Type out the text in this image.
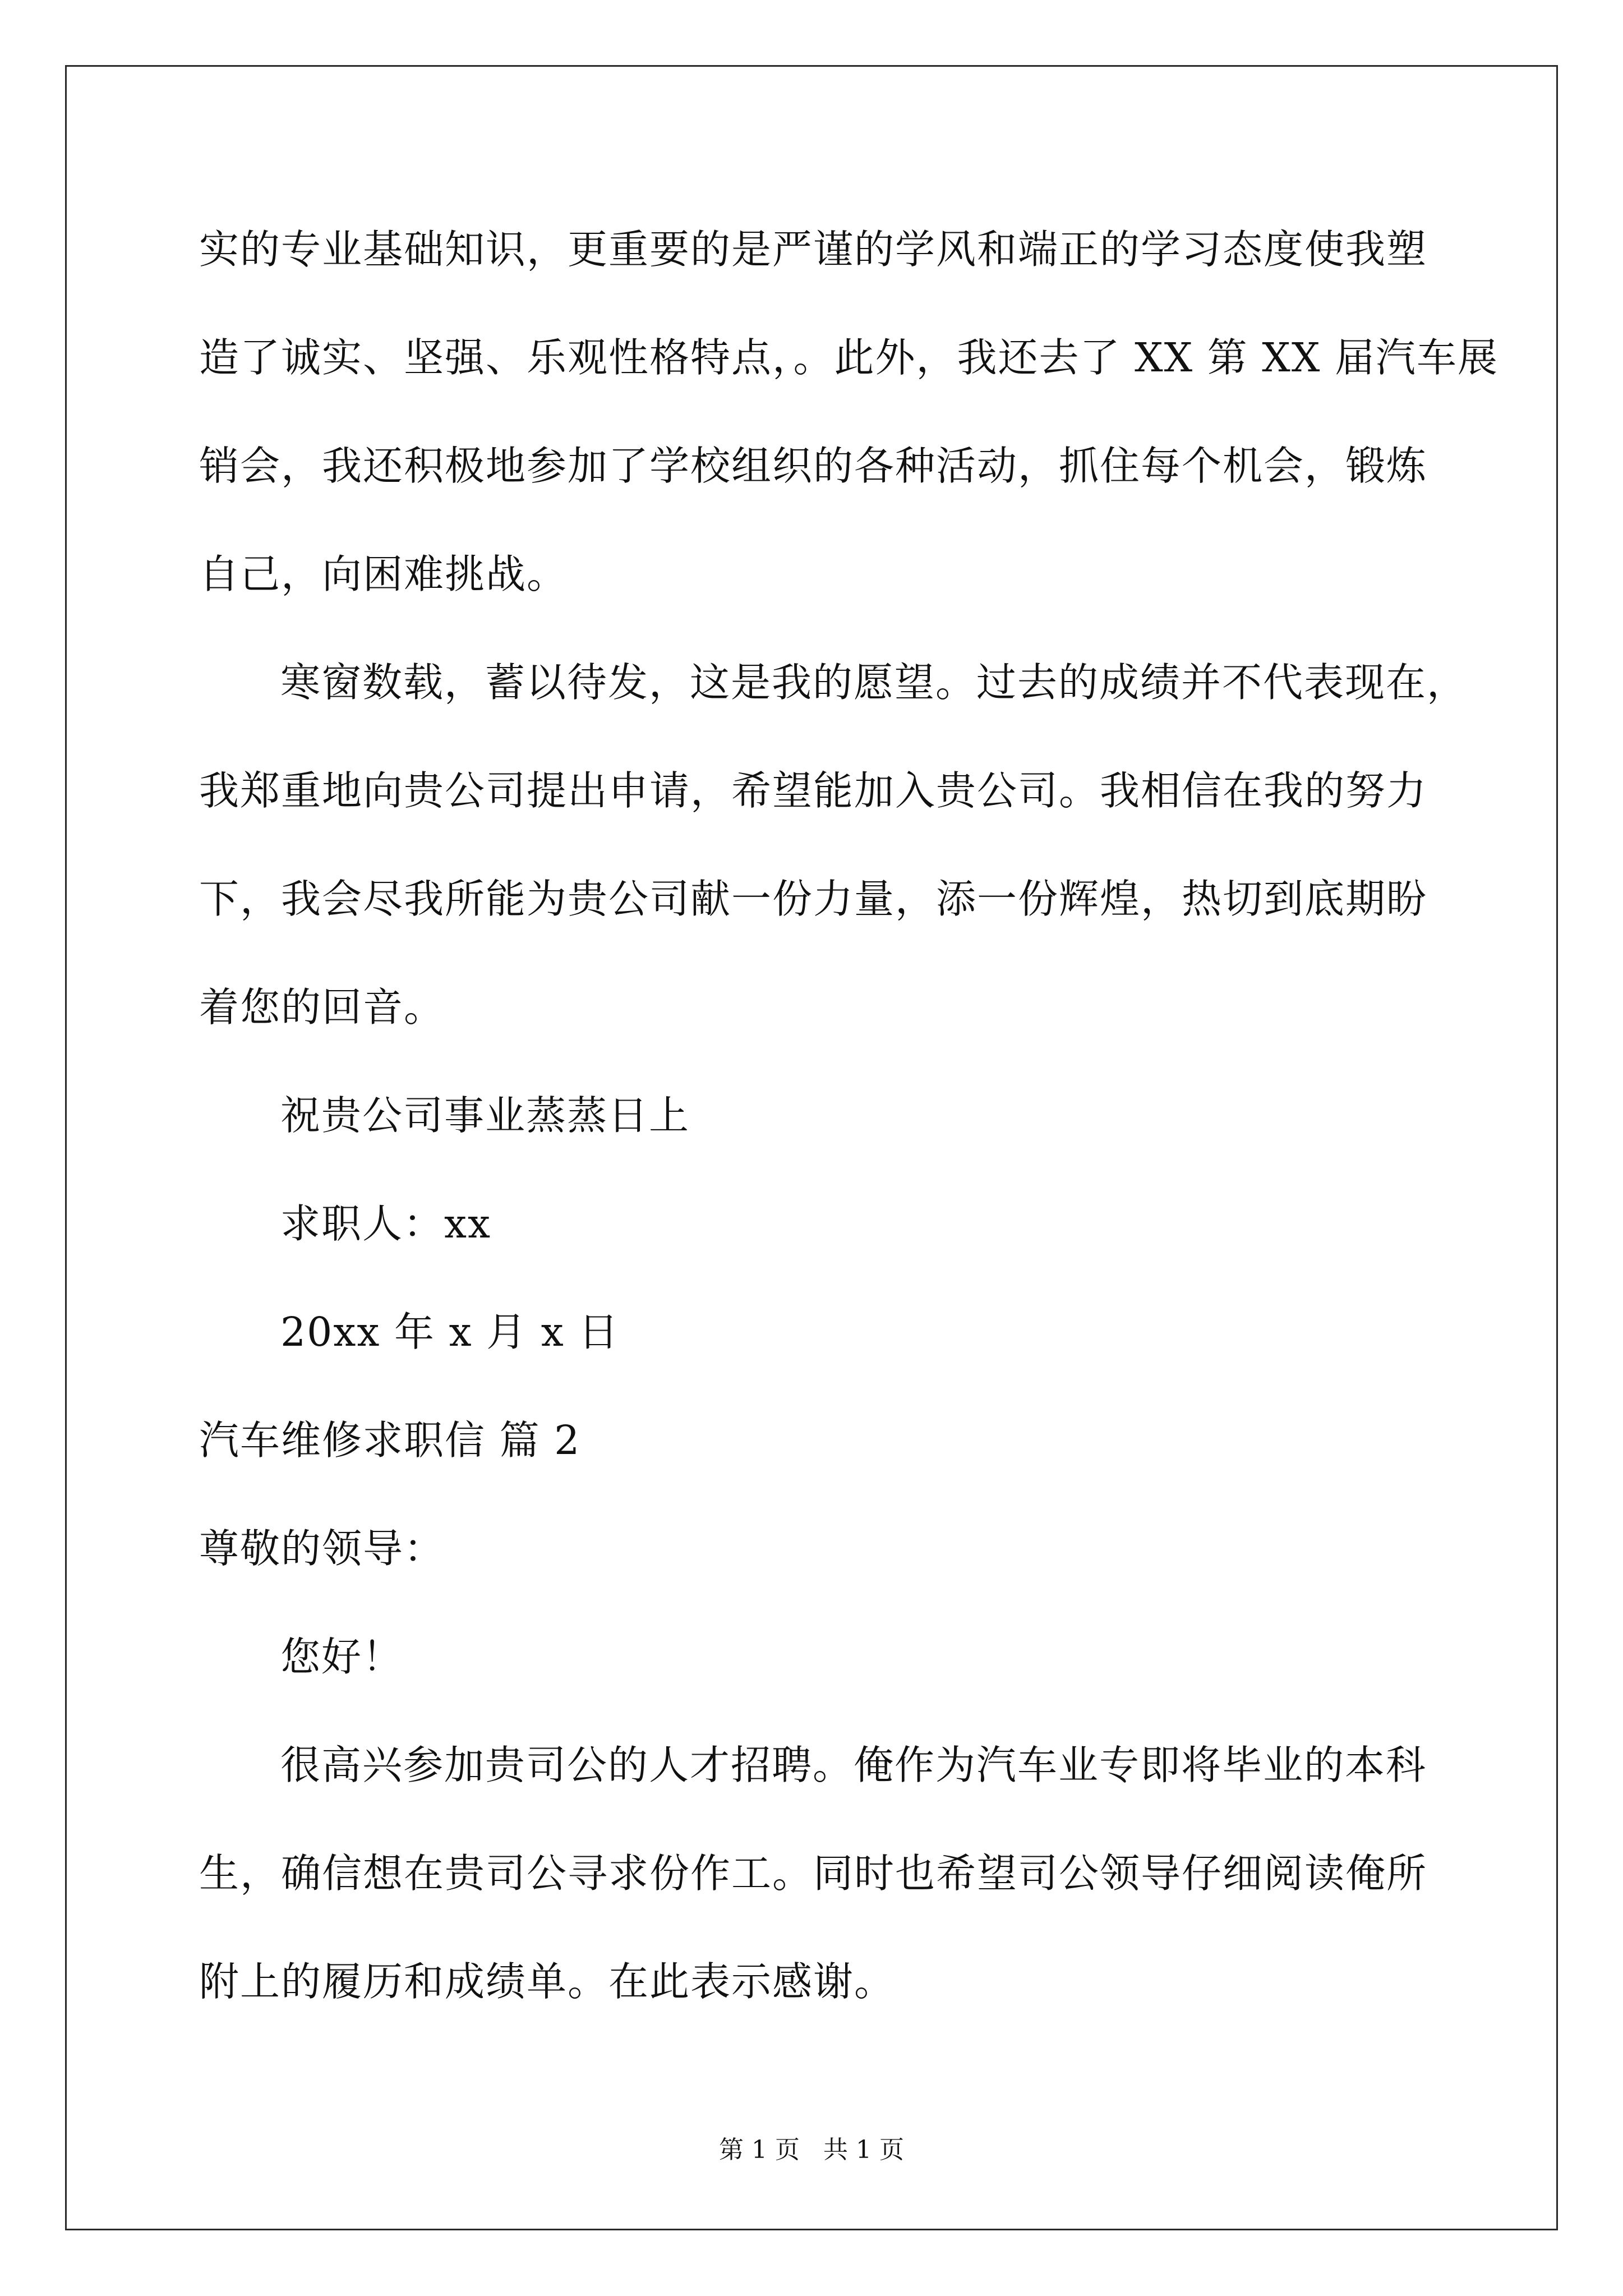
实的专业基础知识，更重要的是严谨的学风和端正的学习态度使我塑
造了诚实、坚强、乐观性格特点，。此外，我还去了 XX 第 XX 届汽车展
销会，我还积极地参加了学校组织的各种活动，抓住每个机会，锻炼
自己，向困难挑战。
寒窗数载，蓄以待发，这是我的愿望。过去的成绩并不代表现在，
我郑重地向贵公司提出申请，希望能加入贵公司。我相信在我的努力
下，我会尽我所能为贵公司献一份力量，添一份辉煌，热切到底期盼
着您的回音。
祝贵公司事业蒸蒸日上
求职人：xx
20xx 年 x 月 x 日
汽车维修求职信 篇 2
尊敬的领导：
您好！
很高兴参加贵司公的人才招聘。俺作为汽车业专即将毕业的本科
生，确信想在贵司公寻求份作工。同时也希望司公领导仔细阅读俺所
附上的履历和成绩单。在此表示感谢。
第 1 页   共 1 页
